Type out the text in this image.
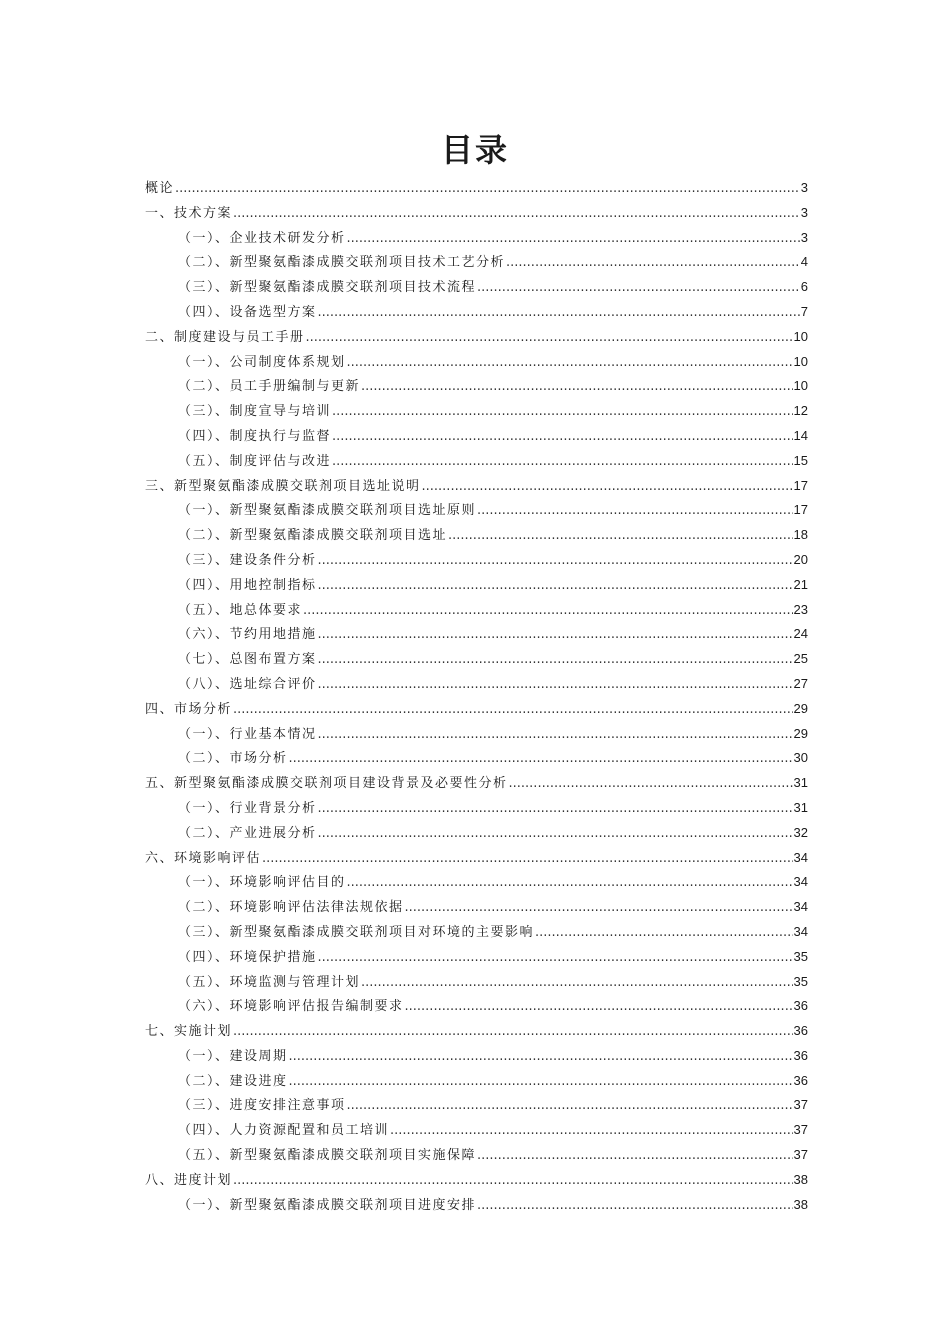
目录
概论 .....	3
一、技术方案 .....	3
（一）、企业技术研发分析 .....	3
（二）、新型聚氨酯漆成膜交联剂项目技术工艺分析 .....	4
（三）、新型聚氨酯漆成膜交联剂项目技术流程 .....	6
（四）、设备选型方案 .....	7
二、制度建设与员工手册 .....	10
（一）、公司制度体系规划 .....	10
（二）、员工手册编制与更新 .....	10
（三）、制度宣导与培训 .....	12
（四）、制度执行与监督 .....	14
（五）、制度评估与改进 .....	15
三、新型聚氨酯漆成膜交联剂项目选址说明 .....	17
（一）、新型聚氨酯漆成膜交联剂项目选址原则 .....	17
（二）、新型聚氨酯漆成膜交联剂项目选址 .....	18
（三）、建设条件分析 .....	20
（四）、用地控制指标 .....	21
（五）、地总体要求 .....	23
（六）、节约用地措施 .....	24
（七）、总图布置方案 .....	25
（八）、选址综合评价 .....	27
四、市场分析 .....	29
（一）、行业基本情况 .....	29
（二）、市场分析 .....	30
五、新型聚氨酯漆成膜交联剂项目建设背景及必要性分析 .....	31
（一）、行业背景分析 .....	31
（二）、产业进展分析 .....	32
六、环境影响评估 .....	34
（一）、环境影响评估目的 .....	34
（二）、环境影响评估法律法规依据 .....	34
（三）、新型聚氨酯漆成膜交联剂项目对环境的主要影响 .....	34
（四）、环境保护措施 .....	35
（五）、环境监测与管理计划 .....	35
（六）、环境影响评估报告编制要求 .....	36
七、实施计划 .....	36
（一）、建设周期 .....	36
（二）、建设进度 .....	36
（三）、进度安排注意事项 .....	37
（四）、人力资源配置和员工培训 .....	37
（五）、新型聚氨酯漆成膜交联剂项目实施保障 .....	37
八、进度计划 .....	38
（一）、新型聚氨酯漆成膜交联剂项目进度安排 .....	38
